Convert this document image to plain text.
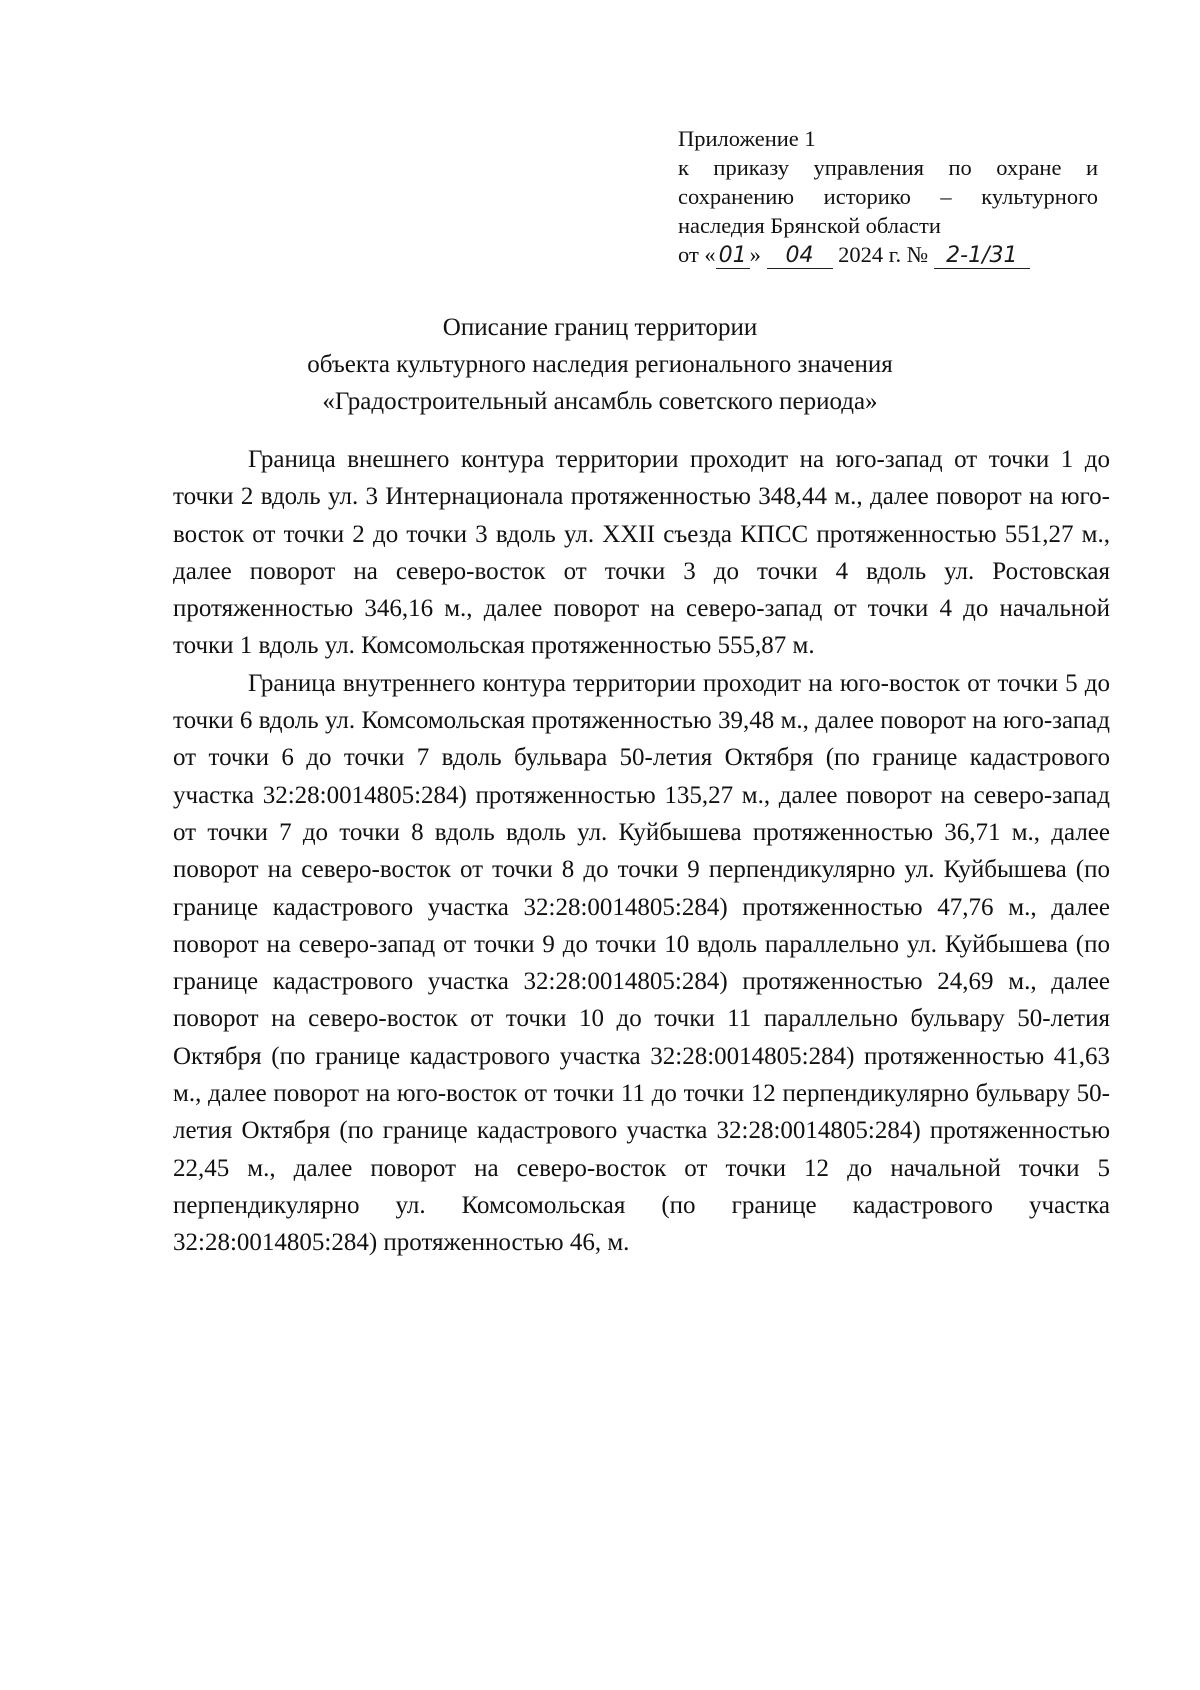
Приложение 1
к приказу управления по охране и
сохранению историко – культурного
наследия Брянской области
от « 01 » 04 2024 г. № 2-1/31
Описание границ территории
объекта культурного наследия регионального значения
«Градостроительный ансамбль советского периода»

Граница внешнего контура территории проходит на юго-запад от точки 1 до точки 2 вдоль ул. 3 Интернационала протяженностью 348,44 м., далее поворот на юго-восток от точки 2 до точки 3 вдоль ул. XXII съезда КПСС протяженностью 551,27 м., далее поворот на северо-восток от точки 3 до точки 4 вдоль ул. Ростовская протяженностью 346,16 м., далее поворот на северо-запад от точки 4 до начальной точки 1 вдоль ул. Комсомольская протяженностью 555,87 м.

Граница внутреннего контура территории проходит на юго-восток от точки 5 до точки 6 вдоль ул. Комсомольская протяженностью 39,48 м., далее поворот на юго-запад от точки 6 до точки 7 вдоль бульвара 50-летия Октября (по границе кадастрового участка 32:28:0014805:284) протяженностью 135,27 м., далее поворот на северо-запад от точки 7 до точки 8 вдоль вдоль ул. Куйбышева протяженностью 36,71 м., далее поворот на северо-восток от точки 8 до точки 9 перпендикулярно ул. Куйбышева (по границе кадастрового участка 32:28:0014805:284) протяженностью 47,76 м., далее поворот на северо-запад от точки 9 до точки 10 вдоль параллельно ул. Куйбышева (по границе кадастрового участка 32:28:0014805:284) протяженностью 24,69 м., далее поворот на северо-восток от точки 10 до точки 11 параллельно бульвару 50-летия Октября (по границе кадастрового участка 32:28:0014805:284) протяженностью 41,63 м., далее поворот на юго-восток от точки 11 до точки 12 перпендикулярно бульвару 50-летия Октября (по границе кадастрового участка 32:28:0014805:284) протяженностью 22,45 м., далее поворот на северо-восток от точки 12 до начальной точки 5 перпендикулярно ул. Комсомольская (по границе кадастрового участка 32:28:0014805:284) протяженностью 46, м.
